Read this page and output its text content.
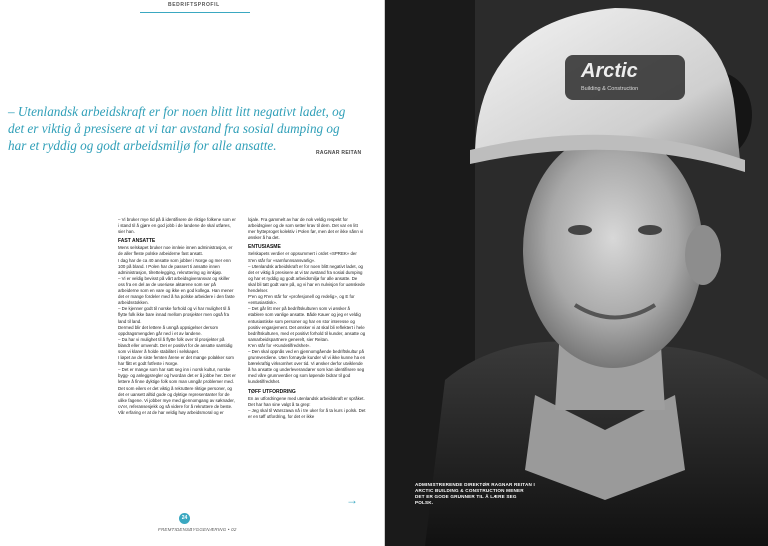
BEDRIFTSPROFIL
– Utenlandsk arbeidskraft er for noen blitt litt negativt ladet, og det er viktig å presisere at vi tar avstand fra sosial dumping og har et ryddig og godt arbeidsmiljø for alle ansatte.	RAGNAR REITAN

– Vi bruker mye tid på å identifisere de riktige folkene som er i stand til å gjøre en god jobb i de landene de skal utføres, sier han.

FAST ANSATTE

Mens selskapet bruker noe innleie innen administrasjon, er de aller fleste polske arbeiderne fast ansatt.

I dag har de ca 40 ansatte som jobber i Norge og mer enn 100 på bland. I Polen har de passert ti ansatte innen administrasjon, tilrettelegging, rekruttering og innkjøp.

– Vi er veldig bevisst på vårt arbeidsgiveransvar og skiller oss fra en del av de useriøse aktørene som ser på arbeiderne som en vare og ikke en god kollega. Han mener det er mange fordeler med å ha polske arbeidere i den faste arbeidsstokken.

– De kjenner godt til norske forhold og vi har mulighet til å flytte folk ikke bare innad mellom prosjekter men også fra land til land.

Dermed blir det lettere å unngå oppsigelser dersom oppdragsmengden går ned i et av landene.

– Da har vi mulighet til å flytte folk over til prosjekter på blandt eller omvendt. Det er positivt for de ansatte samtidig som vi klarer å holde stabilitet i selskapet.

I løpet av de siste femten årene er det mange polakker som har fått et godt fotfeste i Norge.

– Det er mange som har satt seg inn i norsk kultur, norske bygg- og anleggsregler og hvordan det er å jobbe her. Det er lettere å finne dyktige folk som man unngår problemer med. Det som eilers er det viktig å rekruttere riktige personer, og det er uansett alltid gode og dyktige representanter for de ulike fagene. Vi jobber mye med gjennomgang av søknader, cv'er, referansesjekk og så videre for å rekruttere de beste. Vår erfaring er at de har veldig høy arbeidsmoral og er

lojale. Fra gammelt av har de nok veldig respekt for arbeidsgiver og de som setter krav til dem. Det var en litt mer hytteproget kolektiv i Polen før, men det er ikke sånn vi ønsker å ha det.

ENTUSIASME

Selskapets verdier er oppsummert i ordet «SPREK» der S'en står for «samfunnsansvarlig».

– Utenlandsk arbeidskraft er for noen blitt negativt ladet, og det er viktig å presisere at vi tar avstand fra sosial dumping og har et ryddig og godt arbeidsmiljø for alle ansatte. De skal bli tatt godt vare på, og vi har en nulvisjon for uønskede hendelser.

P'en og R'en står for «profesjonell og redelig», og E for «entusiastisk».

– Det går litt mer på bedriftskulturen som vi ønsker å etablere som vanlige ansatte. Både Kauer og jeg er veldig entusiastiske som personer og har en stor interesse og positiv engasjement. Det ønsker vi at skal bli reflektert i hele bedriftskulturen, med et positivt forhold til kunder, ansatte og samarbeidspartnere generelt, sier Reitan.

K'en står for «Kundetilfredshet».

– Den skal oppnås ved en gjennomgående bedriftskultur på grunnverdiene. Uten fornøyde kunder vil vi ikke kunne ha en bærekraftig virksomhet over tid. Vi ønsker derfor utviklende å ha ansatte og underleverandører som kan identifisere seg med våre grunnverdier og som løpende bidrar til god kundetilfredshet.

TØFF UTFORDRING

En av utfordringene med utenlandsk arbeidskraft er språket. Det har han sine valgt å ta grep:

– Jeg skal til Warszawa nå i tre uker for å ta kurs i polsk. Det er en tøff utfordring, for det er ikke

→
24
FREMTIDENSBYGGENÆRING • 02
Arctic
Building & Construction
ADMINISTRERENDE DIREKTØR RAGNAR REITAN I ARCTIC BUILDING & CONSTRUCTION MENER DET ER GODE GRUNNER TIL Å LÆRE SEG POLSK.
